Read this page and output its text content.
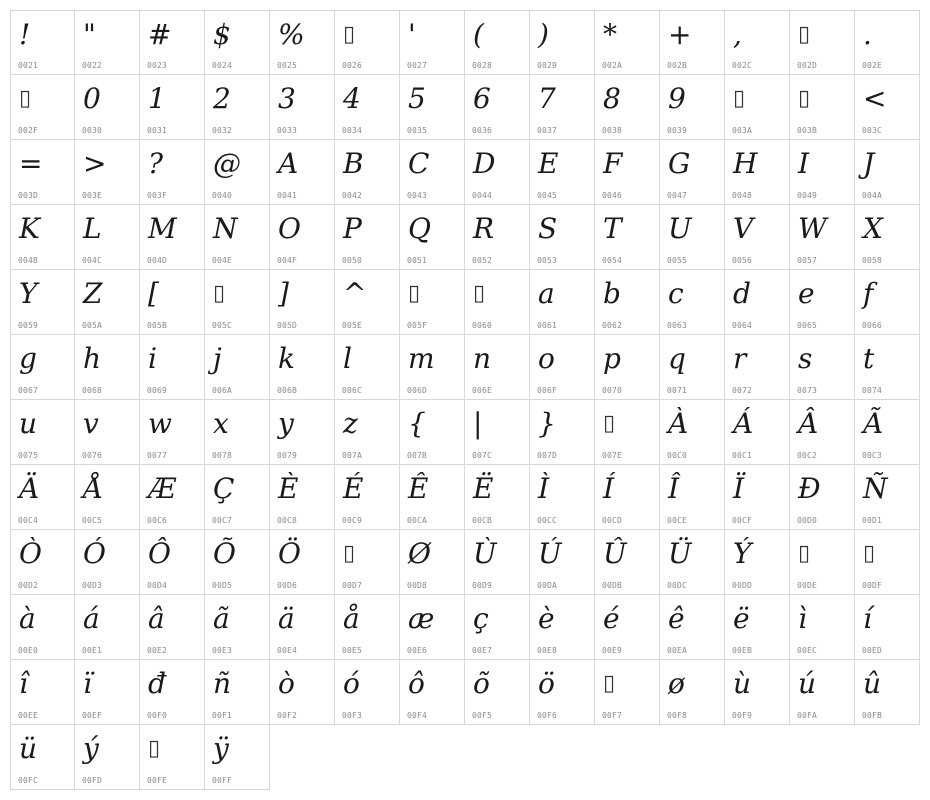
!
0021
"
0022
#
0023
$
0024
%
0025
▯
0026
'
0027
(
0028
)
0029
*
002A
+
002B
,
002C
▯
002D
.
002E
▯
002F
0
0030
1
0031
2
0032
3
0033
4
0034
5
0035
6
0036
7
0037
8
0038
9
0039
▯
003A
▯
003B
<
003C
=
003D
>
003E
?
003F
@
0040
A
0041
B
0042
C
0043
D
0044
E
0045
F
0046
G
0047
H
0048
I
0049
J
004A
K
004B
L
004C
M
004D
N
004E
O
004F
P
0050
Q
0051
R
0052
S
0053
T
0054
U
0055
V
0056
W
0057
X
0058
Y
0059
Z
005A
[
005B
▯
005C
]
005D
^
005E
▯
005F
▯
0060
a
0061
b
0062
c
0063
d
0064
e
0065
f
0066
g
0067
h
0068
i
0069
j
006A
k
006B
l
006C
m
006D
n
006E
o
006F
p
0070
q
0071
r
0072
s
0073
t
0074
u
0075
v
0076
w
0077
x
0078
y
0079
z
007A
{
007B
|
007C
}
007D
▯
007E
À
00C0
Á
00C1
Â
00C2
Ã
00C3
Ä
00C4
Å
00C5
Æ
00C6
Ç
00C7
È
00C8
É
00C9
Ê
00CA
Ë
00CB
Ì
00CC
Í
00CD
Î
00CE
Ï
00CF
Đ
00D0
Ñ
00D1
Ò
00D2
Ó
00D3
Ô
00D4
Õ
00D5
Ö
00D6
▯
00D7
Ø
00D8
Ù
00D9
Ú
00DA
Û
00DB
Ü
00DC
Ý
00DD
▯
00DE
▯
00DF
à
00E0
á
00E1
â
00E2
ã
00E3
ä
00E4
å
00E5
æ
00E6
ç
00E7
è
00E8
é
00E9
ê
00EA
ë
00EB
ì
00EC
í
00ED
î
00EE
ï
00EF
đ
00F0
ñ
00F1
ò
00F2
ó
00F3
ô
00F4
õ
00F5
ö
00F6
▯
00F7
ø
00F8
ù
00F9
ú
00FA
û
00FB
ü
00FC
ý
00FD
▯
00FE
ÿ
00FF
